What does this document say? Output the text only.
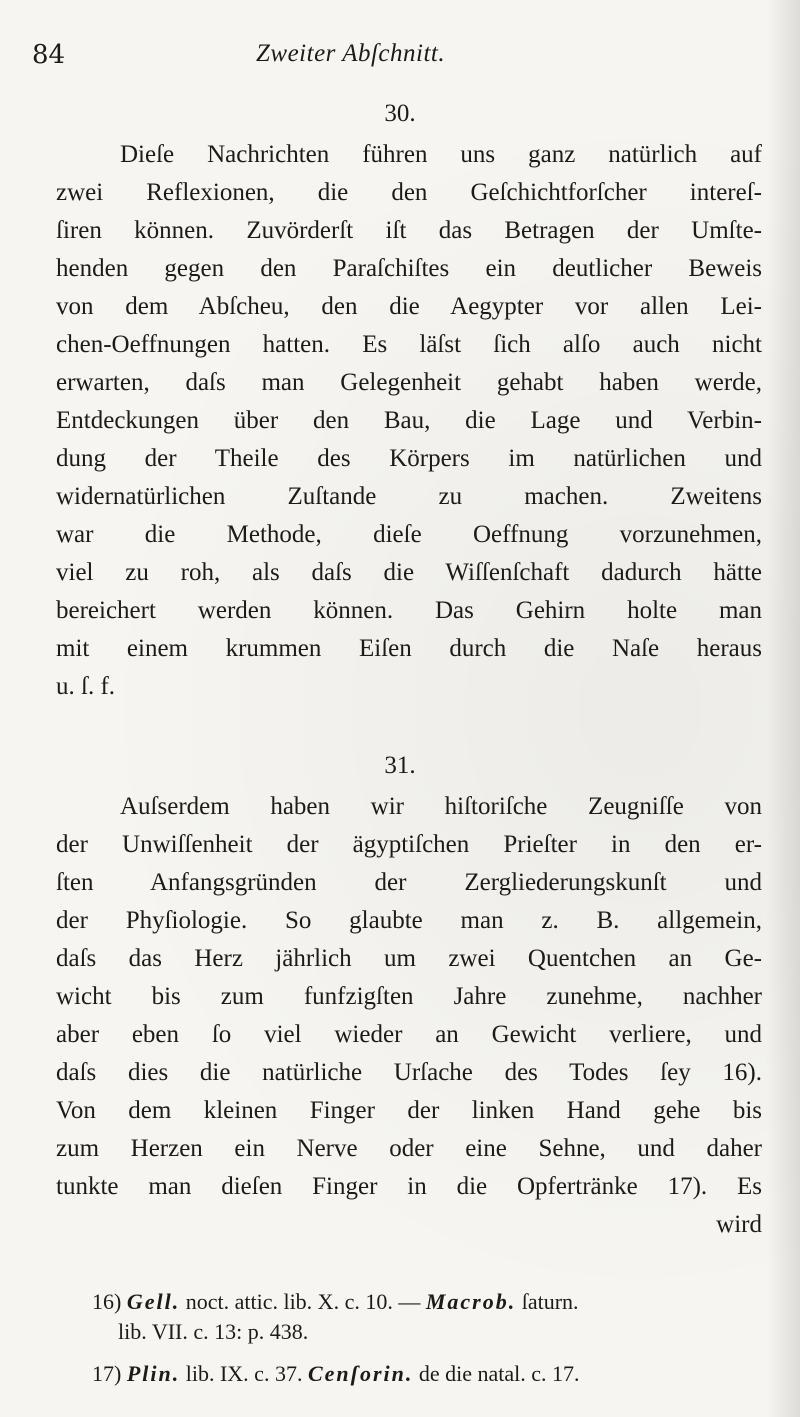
84	Zweiter Abſchnitt.
30.
Dieſe Nachrichten führen uns ganz natürlich auf
zwei Reflexionen, die den Geſchichtforſcher intereſ-
ſiren können. Zuvörderſt iſt das Betragen der Umſte-
henden gegen den Paraſchiſtes ein deutlicher Beweis
von dem Abſcheu, den die Aegypter vor allen Lei-
chen-Oeffnungen hatten. Es läſst ſich alſo auch nicht
erwarten, daſs man Gelegenheit gehabt haben werde,
Entdeckungen über den Bau, die Lage und Verbin-
dung der Theile des Körpers im natürlichen und
widernatürlichen Zuſtande zu machen. Zweitens
war die Methode, dieſe Oeffnung vorzunehmen,
viel zu roh, als daſs die Wiſſenſchaft dadurch hätte
bereichert werden können. Das Gehirn holte man
mit einem krummen Eiſen durch die Naſe heraus
u. ſ. f.
31.
Auſserdem haben wir hiſtoriſche Zeugniſſe von
der Unwiſſenheit der ägyptiſchen Prieſter in den er-
ſten Anfangsgründen der Zergliederungskunſt und
der Phyſiologie. So glaubte man z. B. allgemein,
daſs das Herz jährlich um zwei Quentchen an Ge-
wicht bis zum funfzigſten Jahre zunehme, nachher
aber eben ſo viel wieder an Gewicht verliere, und
daſs dies die natürliche Urſache des Todes ſey 16).
Von dem kleinen Finger der linken Hand gehe bis
zum Herzen ein Nerve oder eine Sehne, und daher
tunkte man dieſen Finger in die Opfertränke 17). Es
wird
16) Gell. noct. attic. lib. X. c. 10. — Macrob. ſaturn.
lib. VII. c. 13: p. 438.
17) Plin. lib. IX. c. 37. Cenſorin. de die natal. c. 17.
